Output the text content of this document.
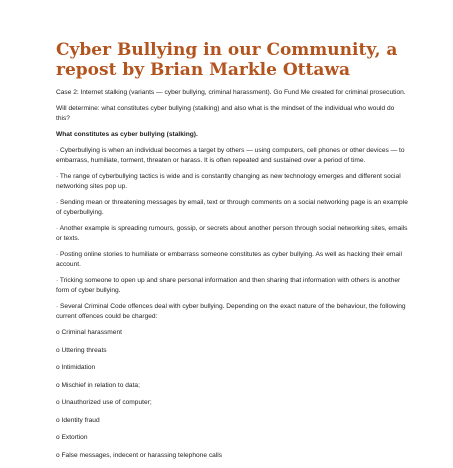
Cyber Bullying in our Community, a repost by Brian Markle Ottawa

Case 2: Internet stalking (variants — cyber bullying, criminal harassment). Go Fund Me created for criminal prosecution.

Will determine: what constitutes cyber bullying (stalking) and also what is the mindset of the individual who would do this?

What constitutes as cyber bullying (stalking).

· Cyberbullying is when an individual becomes a target by others — using computers, cell phones or other devices — to embarrass, humiliate, torment, threaten or harass. It is often repeated and sustained over a period of time.

· The range of cyberbullying tactics is wide and is constantly changing as new technology emerges and different social networking sites pop up.

· Sending mean or threatening messages by email, text or through comments on a social networking page is an example of cyberbullying.

· Another example is spreading rumours, gossip, or secrets about another person through social networking sites, emails or texts.

· Posting online stories to humiliate or embarrass someone constitutes as cyber bullying. As well as hacking their email account.

· Tricking someone to open up and share personal information and then sharing that information with others is another form of cyber bullying.

· Several Criminal Code offences deal with cyber bullying. Depending on the exact nature of the behaviour, the following current offences could be charged:

o Criminal harassment

o Uttering threats

o Intimidation

o Mischief in relation to data;

o Unauthorized use of computer;

o Identity fraud

o Extortion

o False messages, indecent or harassing telephone calls
